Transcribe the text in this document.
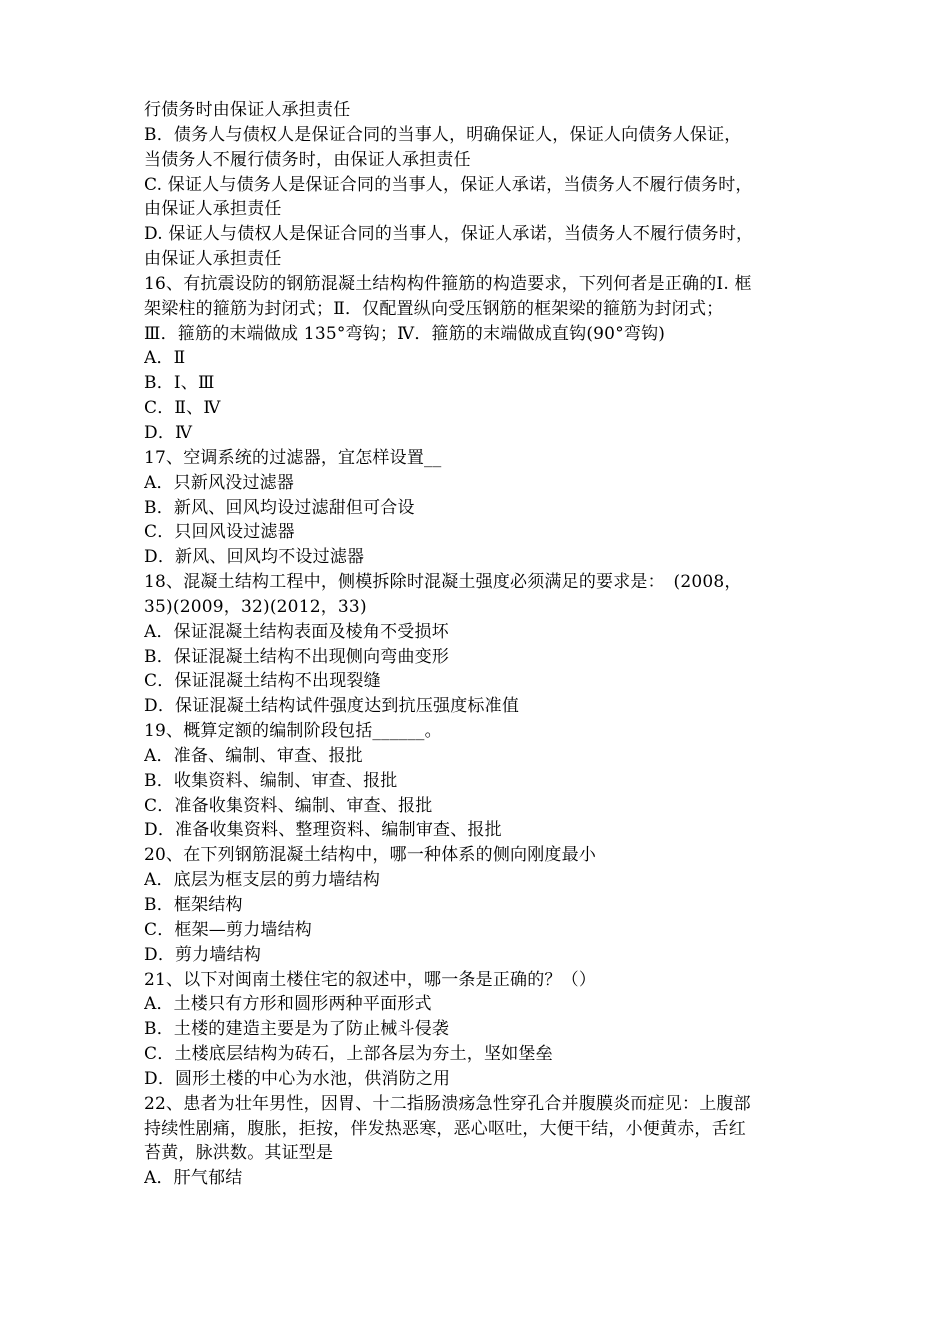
行债务时由保证人承担责任
B．债务人与债权人是保证合同的当事人，明确保证人，保证人向债务人保证，
当债务人不履行债务时，由保证人承担责任
C. 保证人与债务人是保证合同的当事人，保证人承诺，当债务人不履行债务时，
由保证人承担责任
D. 保证人与债权人是保证合同的当事人，保证人承诺，当债务人不履行债务时，
由保证人承担责任
16、有抗震设防的钢筋混凝土结构构件箍筋的构造要求，下列何者是正确的Ⅰ. 框
架梁柱的箍筋为封闭式；Ⅱ．仅配置纵向受压钢筋的框架梁的箍筋为封闭式；
Ⅲ．箍筋的末端做成 135°弯钩；Ⅳ．箍筋的末端做成直钩(90°弯钩)
A．Ⅱ
B．Ⅰ、Ⅲ
C．Ⅱ、Ⅳ
D．Ⅳ
17、空调系统的过滤器，宜怎样设置__
A．只新风没过滤器
B．新风、回风均设过滤甜但可合设
C．只回风设过滤器
D．新风、回风均不设过滤器
18、混凝土结构工程中，侧模拆除时混凝土强度必须满足的要求是：　(2008，
35)(2009，32)(2012，33)
A．保证混凝土结构表面及棱角不受损坏
B．保证混凝土结构不出现侧向弯曲变形
C．保证混凝土结构不出现裂缝
D．保证混凝土结构试件强度达到抗压强度标准值
19、概算定额的编制阶段包括______。
A．准备、编制、审查、报批
B．收集资料、编制、审查、报批
C．准备收集资料、编制、审查、报批
D．准备收集资料、整理资料、编制审查、报批
20、在下列钢筋混凝土结构中，哪一种体系的侧向刚度最小
A．底层为框支层的剪力墙结构
B．框架结构
C．框架—剪力墙结构
D．剪力墙结构
21、以下对闽南土楼住宅的叙述中，哪一条是正确的？（）
A．土楼只有方形和圆形两种平面形式
B．土楼的建造主要是为了防止械斗侵袭
C．土楼底层结构为砖石，上部各层为夯土，坚如堡垒
D．圆形土楼的中心为水池，供消防之用
22、患者为壮年男性，因胃、十二指肠溃疡急性穿孔合并腹膜炎而症见：上腹部
持续性剧痛，腹胀，拒按，伴发热恶寒，恶心呕吐，大便干结，小便黄赤，舌红
苔黄，脉洪数。其证型是
A．肝气郁结
